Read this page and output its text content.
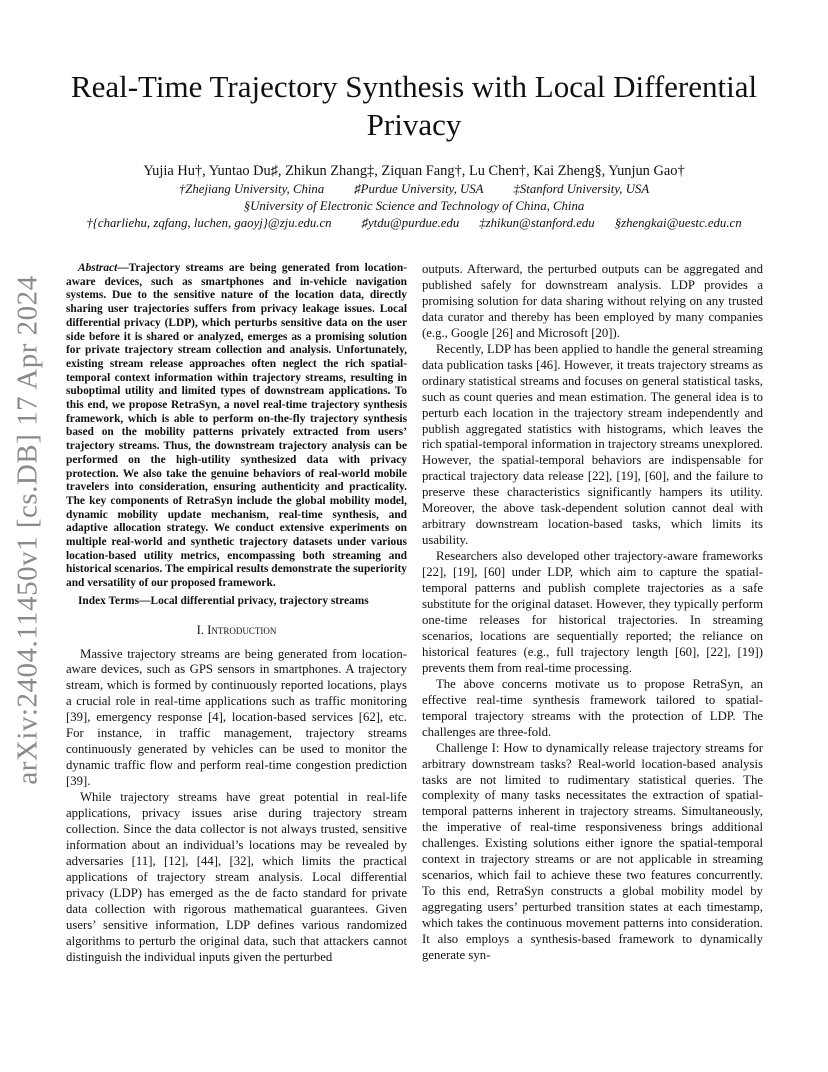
arXiv:2404.11450v1 [cs.DB] 17 Apr 2024
Real-Time Trajectory Synthesis with Local Differential Privacy
Yujia Hu†, Yuntao Du♯, Zhikun Zhang‡, Ziquan Fang†, Lu Chen†, Kai Zheng§, Yunjun Gao†
†Zhejiang University, China ♯Purdue University, USA ‡Stanford University, USA
§University of Electronic Science and Technology of China, China
†{charliehu, zqfang, luchen, gaoyj}@zju.edu.cn ♯ytdu@purdue.edu ‡zhikun@stanford.edu §zhengkai@uestc.edu.cn

Abstract—Trajectory streams are being generated from location-aware devices, such as smartphones and in-vehicle navigation systems. Due to the sensitive nature of the location data, directly sharing user trajectories suffers from privacy leakage issues. Local differential privacy (LDP), which perturbs sensitive data on the user side before it is shared or analyzed, emerges as a promising solution for private trajectory stream collection and analysis. Unfortunately, existing stream release approaches often neglect the rich spatial-temporal context information within trajectory streams, resulting in suboptimal utility and limited types of downstream applications. To this end, we propose RetraSyn, a novel real-time trajectory synthesis framework, which is able to perform on-the-fly trajectory synthesis based on the mobility patterns privately extracted from users’ trajectory streams. Thus, the downstream trajectory analysis can be performed on the high-utility synthesized data with privacy protection. We also take the genuine behaviors of real-world mobile travelers into consideration, ensuring authenticity and practicality. The key components of RetraSyn include the global mobility model, dynamic mobility update mechanism, real-time synthesis, and adaptive allocation strategy. We conduct extensive experiments on multiple real-world and synthetic trajectory datasets under various location-based utility metrics, encompassing both streaming and historical scenarios. The empirical results demonstrate the superiority and versatility of our proposed framework.

Index Terms—Local differential privacy, trajectory streams

I. Introduction

Massive trajectory streams are being generated from location-aware devices, such as GPS sensors in smartphones. A trajectory stream, which is formed by continuously reported locations, plays a crucial role in real-time applications such as traffic monitoring [39], emergency response [4], location-based services [62], etc. For instance, in traffic management, trajectory streams continuously generated by vehicles can be used to monitor the dynamic traffic flow and perform real-time congestion prediction [39].

While trajectory streams have great potential in real-life applications, privacy issues arise during trajectory stream collection. Since the data collector is not always trusted, sensitive information about an individual’s locations may be revealed by adversaries [11], [12], [44], [32], which limits the practical applications of trajectory stream analysis. Local differential privacy (LDP) has emerged as the de facto standard for private data collection with rigorous mathematical guarantees. Given users’ sensitive information, LDP defines various randomized algorithms to perturb the original data, such that attackers cannot distinguish the individual inputs given the perturbed

outputs. Afterward, the perturbed outputs can be aggregated and published safely for downstream analysis. LDP provides a promising solution for data sharing without relying on any trusted data curator and thereby has been employed by many companies (e.g., Google [26] and Microsoft [20]).

Recently, LDP has been applied to handle the general streaming data publication tasks [46]. However, it treats trajectory streams as ordinary statistical streams and focuses on general statistical tasks, such as count queries and mean estimation. The general idea is to perturb each location in the trajectory stream independently and publish aggregated statistics with histograms, which leaves the rich spatial-temporal information in trajectory streams unexplored. However, the spatial-temporal behaviors are indispensable for practical trajectory data release [22], [19], [60], and the failure to preserve these characteristics significantly hampers its utility. Moreover, the above task-dependent solution cannot deal with arbitrary downstream location-based tasks, which limits its usability.

Researchers also developed other trajectory-aware frameworks [22], [19], [60] under LDP, which aim to capture the spatial-temporal patterns and publish complete trajectories as a safe substitute for the original dataset. However, they typically perform one-time releases for historical trajectories. In streaming scenarios, locations are sequentially reported; the reliance on historical features (e.g., full trajectory length [60], [22], [19]) prevents them from real-time processing.

The above concerns motivate us to propose RetraSyn, an effective real-time synthesis framework tailored to spatial-temporal trajectory streams with the protection of LDP. The challenges are three-fold.

Challenge I: How to dynamically release trajectory streams for arbitrary downstream tasks? Real-world location-based analysis tasks are not limited to rudimentary statistical queries. The complexity of many tasks necessitates the extraction of spatial-temporal patterns inherent in trajectory streams. Simultaneously, the imperative of real-time responsiveness brings additional challenges. Existing solutions either ignore the spatial-temporal context in trajectory streams or are not applicable in streaming scenarios, which fail to achieve these two features concurrently. To this end, RetraSyn constructs a global mobility model by aggregating users’ perturbed transition states at each timestamp, which takes the continuous movement patterns into consideration. It also employs a synthesis-based framework to dynamically generate syn-
